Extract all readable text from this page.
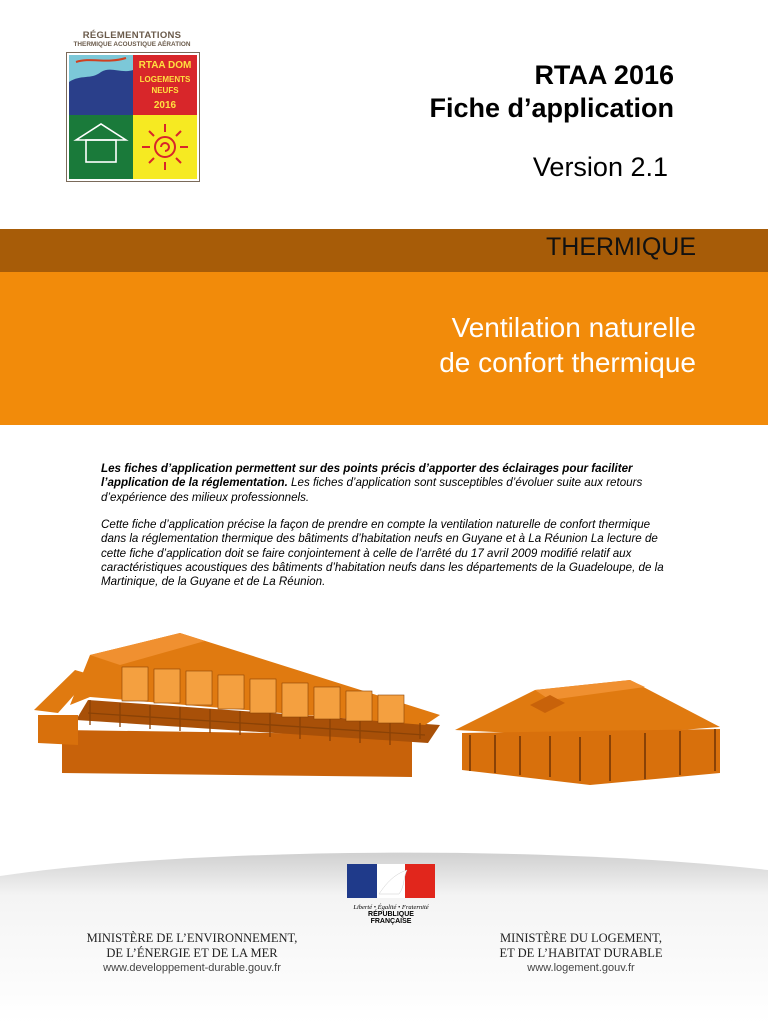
RÉGLEMENTATIONS
THERMIQUE ACOUSTIQUE AÉRATION
RTAA DOM
LOGEMENTS
NEUFS
2016
RTAA 2016
Fiche d’application
Version 2.1
THERMIQUE
Ventilation naturelle
de confort thermique
Les fiches d’application permettent sur des points précis d’apporter des éclairages pour faciliter l’application de la réglementation. Les fiches d’application sont susceptibles d’évoluer suite aux retours d’expérience des milieux professionnels.
Cette fiche d’application précise la façon de prendre en compte la ventilation naturelle de confort thermique dans la réglementation thermique des bâtiments d’habitation neufs en Guyane et à La Réunion La lecture de cette fiche d’application doit se faire conjointement à celle de l’arrêté du 17 avril 2009 modifié relatif aux caractéristiques acoustiques des bâtiments d’habitation neufs dans les départements de la Guadeloupe, de la Martinique, de la Guyane et de La Réunion.
Liberté • Égalité • Fraternité
RÉPUBLIQUE FRANÇAISE
MINISTÈRE DE L’ENVIRONNEMENT,
DE L’ÉNERGIE ET DE LA MER
www.developpement-durable.gouv.fr
MINISTÈRE DU LOGEMENT,
ET DE L’HABITAT DURABLE
www.logement.gouv.fr
